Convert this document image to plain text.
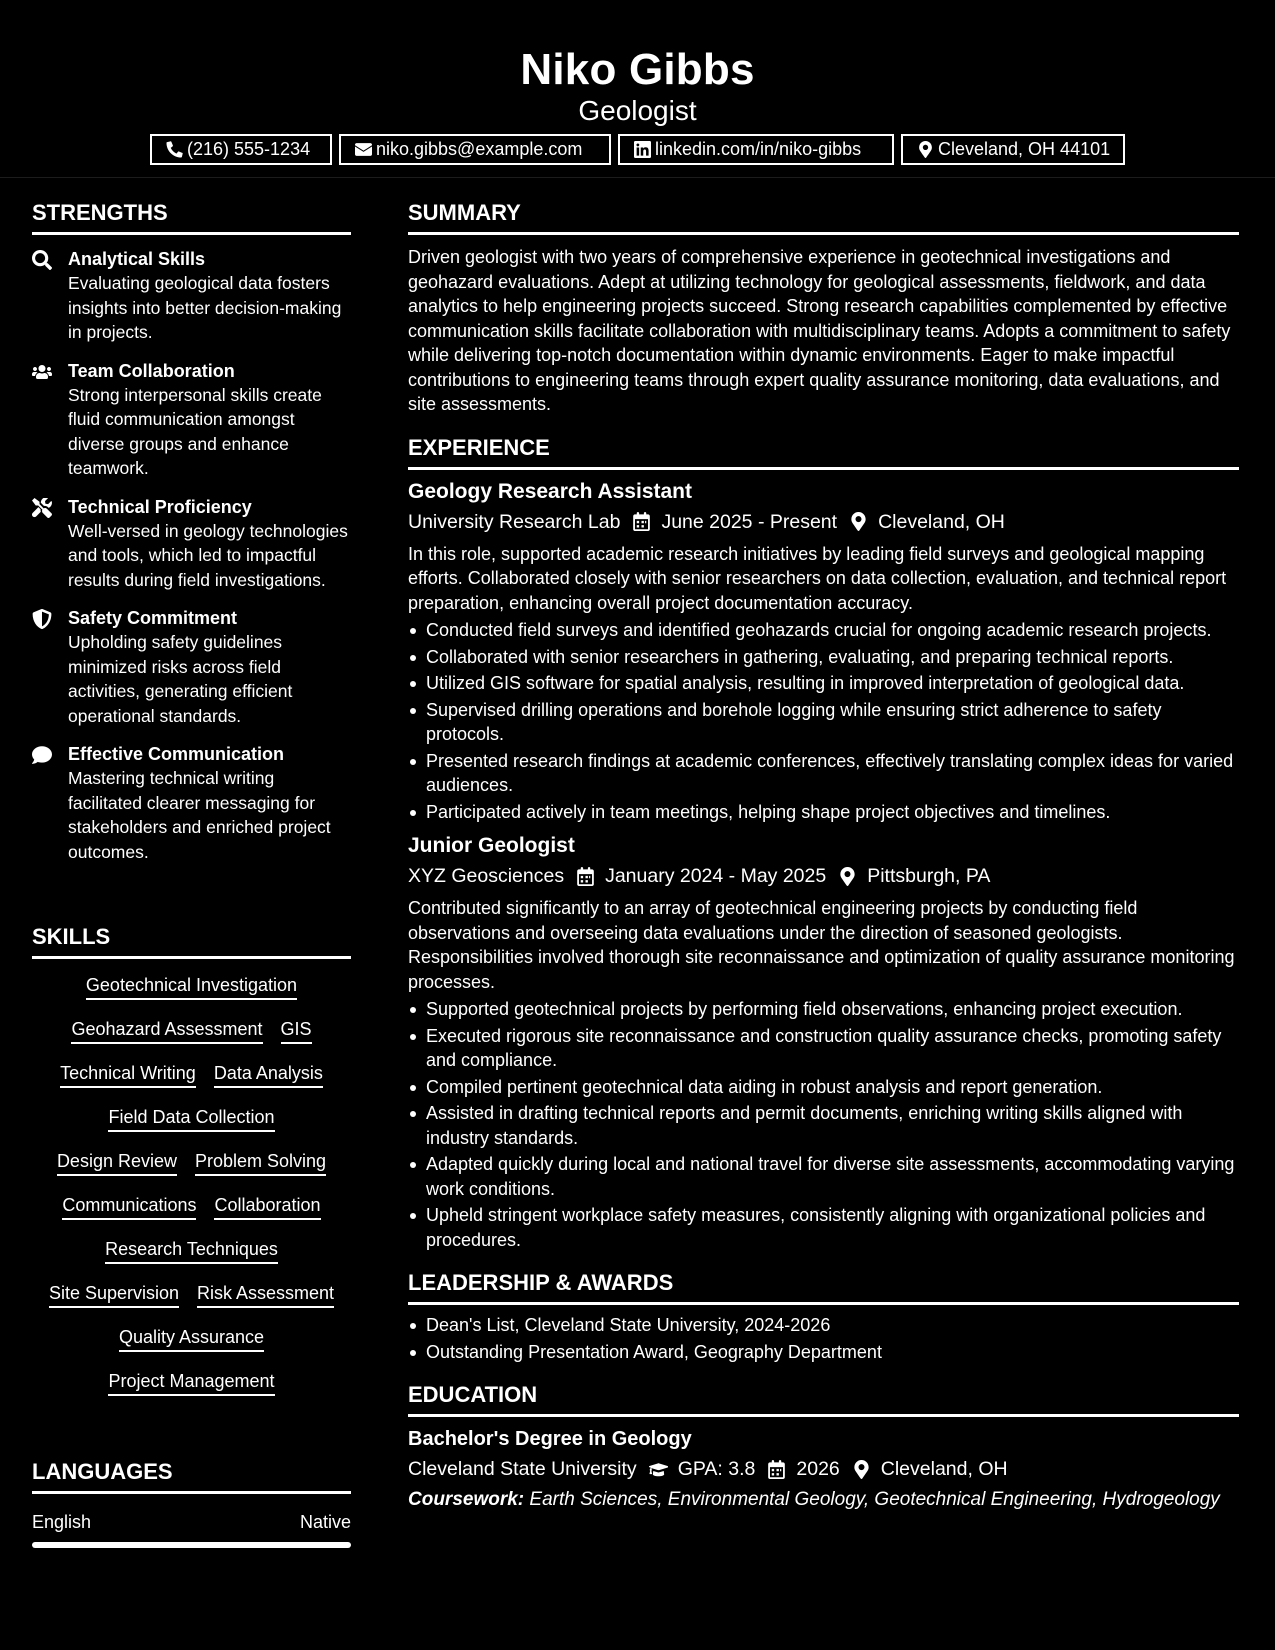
Niko Gibbs
Geologist
(216) 555-1234	niko.gibbs@example.com	linkedin.com/in/niko-gibbs	Cleveland, OH 44101
STRENGTHS
Analytical Skills
Evaluating geological data fosters insights into better decision-making in projects.
Team Collaboration
Strong interpersonal skills create fluid communication amongst diverse groups and enhance teamwork.
Technical Proficiency
Well-versed in geology technologies and tools, which led to impactful results during field investigations.
Safety Commitment
Upholding safety guidelines minimized risks across field activities, generating efficient operational standards.
Effective Communication
Mastering technical writing facilitated clearer messaging for stakeholders and enriched project outcomes.
SKILLS
Geotechnical Investigation
Geohazard Assessment GIS
Technical Writing Data Analysis
Field Data Collection
Design Review Problem Solving
Communications Collaboration
Research Techniques
Site Supervision Risk Assessment
Quality Assurance
Project Management
LANGUAGES
English	Native
SUMMARY
Driven geologist with two years of comprehensive experience in geotechnical investigations and geohazard evaluations. Adept at utilizing technology for geological assessments, fieldwork, and data analytics to help engineering projects succeed. Strong research capabilities complemented by effective communication skills facilitate collaboration with multidisciplinary teams. Adopts a commitment to safety while delivering top-notch documentation within dynamic environments. Eager to make impactful contributions to engineering teams through expert quality assurance monitoring, data evaluations, and site assessments.
EXPERIENCE
Geology Research Assistant
University Research Lab June 2025 - Present Cleveland, OH
In this role, supported academic research initiatives by leading field surveys and geological mapping efforts. Collaborated closely with senior researchers on data collection, evaluation, and technical report preparation, enhancing overall project documentation accuracy.
Conducted field surveys and identified geohazards crucial for ongoing academic research projects.
Collaborated with senior researchers in gathering, evaluating, and preparing technical reports.
Utilized GIS software for spatial analysis, resulting in improved interpretation of geological data.
Supervised drilling operations and borehole logging while ensuring strict adherence to safety protocols.
Presented research findings at academic conferences, effectively translating complex ideas for varied audiences.
Participated actively in team meetings, helping shape project objectives and timelines.
Junior Geologist
XYZ Geosciences January 2024 - May 2025 Pittsburgh, PA
Contributed significantly to an array of geotechnical engineering projects by conducting field observations and overseeing data evaluations under the direction of seasoned geologists. Responsibilities involved thorough site reconnaissance and optimization of quality assurance monitoring processes.
Supported geotechnical projects by performing field observations, enhancing project execution.
Executed rigorous site reconnaissance and construction quality assurance checks, promoting safety and compliance.
Compiled pertinent geotechnical data aiding in robust analysis and report generation.
Assisted in drafting technical reports and permit documents, enriching writing skills aligned with industry standards.
Adapted quickly during local and national travel for diverse site assessments, accommodating varying work conditions.
Upheld stringent workplace safety measures, consistently aligning with organizational policies and procedures.
LEADERSHIP & AWARDS
Dean's List, Cleveland State University, 2024-2026
Outstanding Presentation Award, Geography Department
EDUCATION
Bachelor's Degree in Geology
Cleveland State University GPA: 3.8 2026 Cleveland, OH
Coursework: Earth Sciences, Environmental Geology, Geotechnical Engineering, Hydrogeology
